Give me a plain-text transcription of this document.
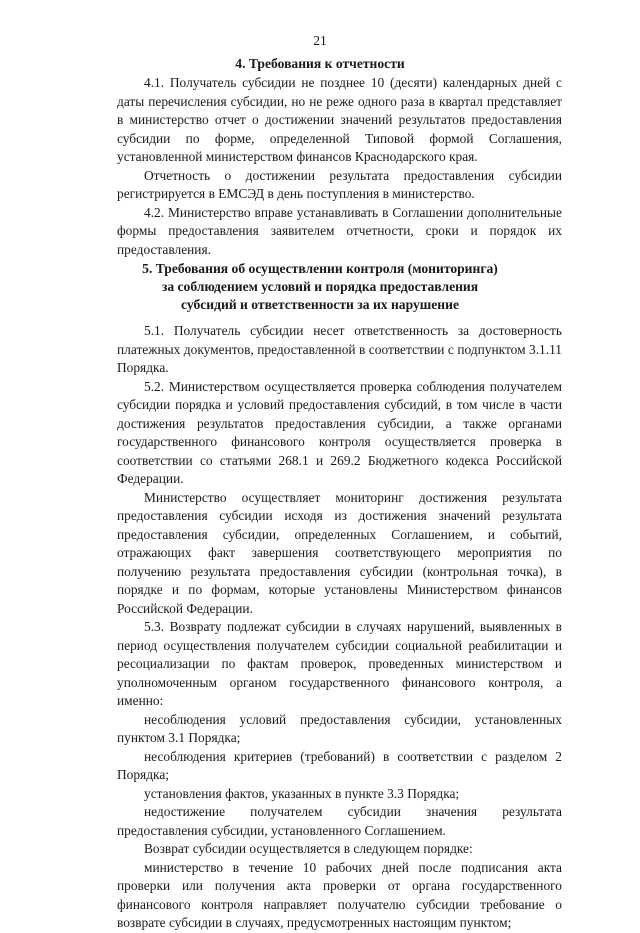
21
4. Требования к отчетности

4.1. Получатель субсидии не позднее 10 (десяти) календарных дней с даты перечисления субсидии, но не реже одного раза в квартал представляет в министерство отчет о достижении значений результатов предоставления субсидии по форме, определенной Типовой формой Соглашения, установленной министерством финансов Краснодарского края.

Отчетность о достижении результата предоставления субсидии регистрируется в ЕМСЭД в день поступления в министерство.

4.2. Министерство вправе устанавливать в Соглашении дополнительные формы предоставления заявителем отчетности, сроки и порядок их предоставления.

5. Требования об осуществлении контроля (мониторинга)
за соблюдением условий и порядка предоставления
субсидий и ответственности за их нарушение

5.1. Получатель субсидии несет ответственность за достоверность платежных документов, предоставленной в соответствии с подпунктом 3.1.11 Порядка.

5.2. Министерством осуществляется проверка соблюдения получателем субсидии порядка и условий предоставления субсидий, в том числе в части достижения результатов предоставления субсидии, а также органами государственного финансового контроля осуществляется проверка в соответствии со статьями 268.1 и 269.2 Бюджетного кодекса Российской Федерации.

Министерство осуществляет мониторинг достижения результата предоставления субсидии исходя из достижения значений результата предоставления субсидии, определенных Соглашением, и событий, отражающих факт завершения соответствующего мероприятия по получению результата предоставления субсидии (контрольная точка), в порядке и по формам, которые установлены Министерством финансов Российской Федерации.

5.3. Возврату подлежат субсидии в случаях нарушений, выявленных в период осуществления получателем субсидии социальной реабилитации и ресоциализации по фактам проверок, проведенных министерством и уполномоченным органом государственного финансового контроля, а именно:

несоблюдения условий предоставления субсидии, установленных пунктом 3.1 Порядка;

несоблюдения критериев (требований) в соответствии с разделом 2 Порядка;

установления фактов, указанных в пункте 3.3 Порядка;

недостижение получателем субсидии значения результата предоставления субсидии, установленного Соглашением.

Возврат субсидии осуществляется в следующем порядке:

министерство в течение 10 рабочих дней после подписания акта проверки или получения акта проверки от органа государственного финансового контроля направляет получателю субсидии требование о возврате субсидии в случаях, предусмотренных настоящим пунктом;
